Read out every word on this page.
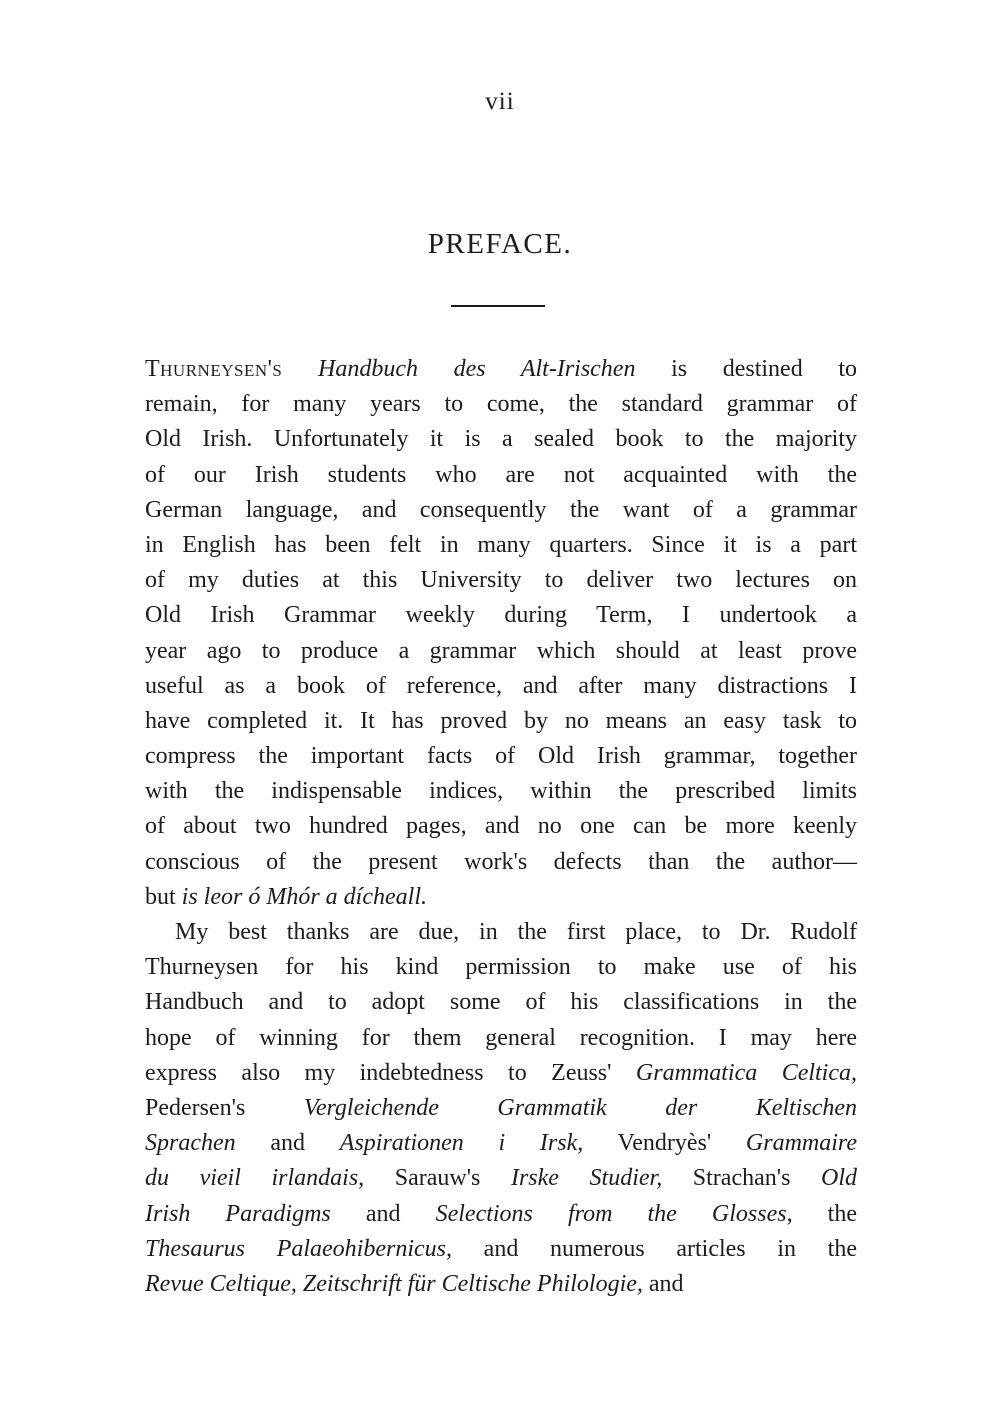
vii
PREFACE.
Thurneysen's Handbuch des Alt-Irischen is destined to
remain, for many years to come, the standard grammar of
Old Irish. Unfortunately it is a sealed book to the majority
of our Irish students who are not acquainted with the
German language, and consequently the want of a grammar
in English has been felt in many quarters. Since it is a part
of my duties at this University to deliver two lectures on
Old Irish Grammar weekly during Term, I undertook a
year ago to produce a grammar which should at least prove
useful as a book of reference, and after many distractions I
have completed it. It has proved by no means an easy task to
compress the important facts of Old Irish grammar, together
with the indispensable indices, within the prescribed limits
of about two hundred pages, and no one can be more keenly
conscious of the present work's defects than the author—
but is leor ó Mhór a dícheall.
My best thanks are due, in the first place, to Dr. Rudolf
Thurneysen for his kind permission to make use of his
Handbuch and to adopt some of his classifications in the
hope of winning for them general recognition. I may here
express also my indebtedness to Zeuss' Grammatica Celtica,
Pedersen's Vergleichende Grammatik der Keltischen
Sprachen and Aspirationen i Irsk, Vendryès' Grammaire
du vieil irlandais, Sarauw's Irske Studier, Strachan's Old
Irish Paradigms and Selections from the Glosses, the
Thesaurus Palaeohibernicus, and numerous articles in the
Revue Celtique, Zeitschrift für Celtische Philologie, and
